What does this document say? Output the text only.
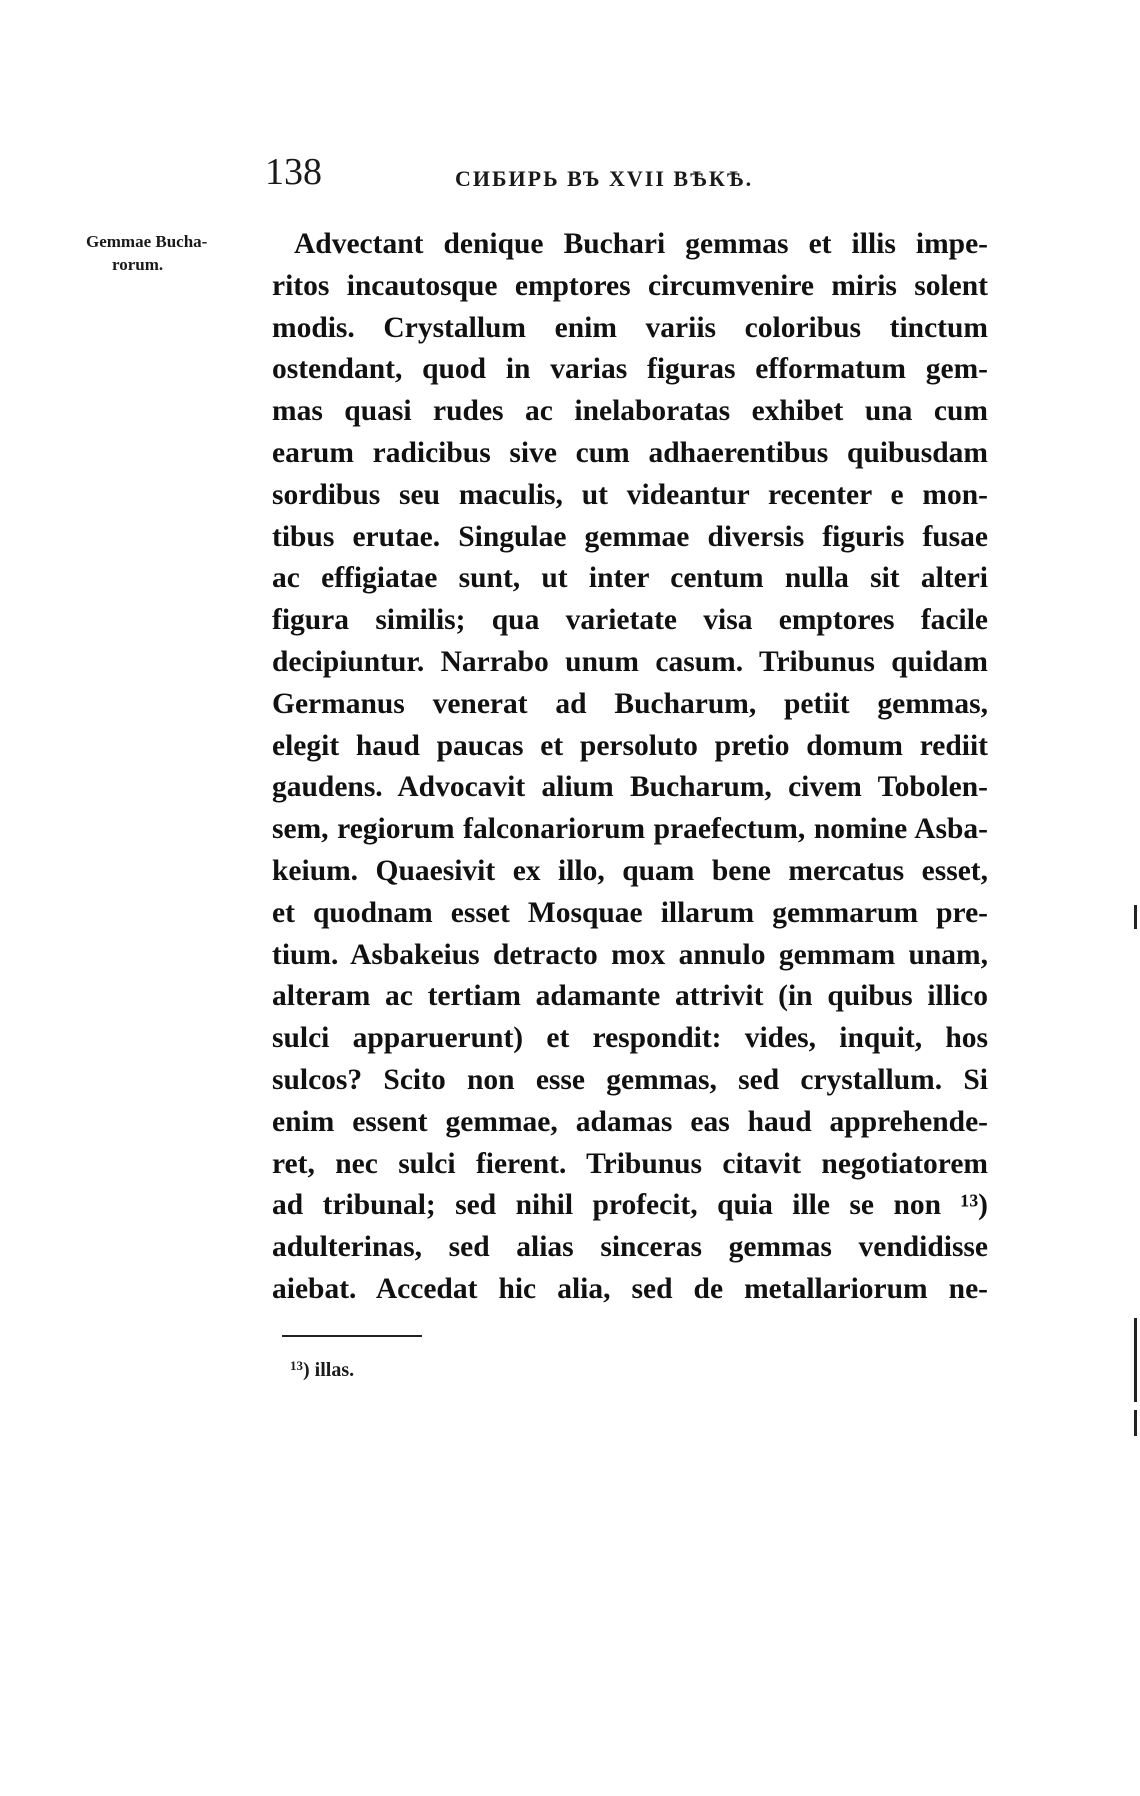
138	СИБИРЬ ВЪ XVII ВѢКѢ.
Gemmae Bucha-
rorum.
Advectant denique Buchari gemmas et illis impe-
ritos incautosque emptores circumvenire miris solent
modis. Crystallum enim variis coloribus tinctum
ostendant, quod in varias figuras efformatum gem-
mas quasi rudes ac inelaboratas exhibet una cum
earum radicibus sive cum adhaerentibus quibusdam
sordibus seu maculis, ut videantur recenter e mon-
tibus erutae. Singulae gemmae diversis figuris fusae
ac effigiatae sunt, ut inter centum nulla sit alteri
figura similis; qua varietate visa emptores facile
decipiuntur. Narrabo unum casum. Tribunus quidam
Germanus venerat ad Bucharum, petiit gemmas,
elegit haud paucas et persoluto pretio domum rediit
gaudens. Advocavit alium Bucharum, civem Tobolen-
sem, regiorum falconariorum praefectum, nomine Asba-
keium. Quaesivit ex illo, quam bene mercatus esset,
et quodnam esset Mosquae illarum gemmarum pre-
tium. Asbakeius detracto mox annulo gemmam unam,
alteram ac tertiam adamante attrivit (in quibus illico
sulci apparuerunt) et respondit: vides, inquit, hos
sulcos? Scito non esse gemmas, sed crystallum. Si
enim essent gemmae, adamas eas haud apprehende-
ret, nec sulci fierent. Tribunus citavit negotiatorem
ad tribunal; sed nihil profecit, quia ille se non ¹³)
adulterinas, sed alias sinceras gemmas vendidisse
aiebat. Accedat hic alia, sed de metallariorum ne-
$^{13}$) illas.
